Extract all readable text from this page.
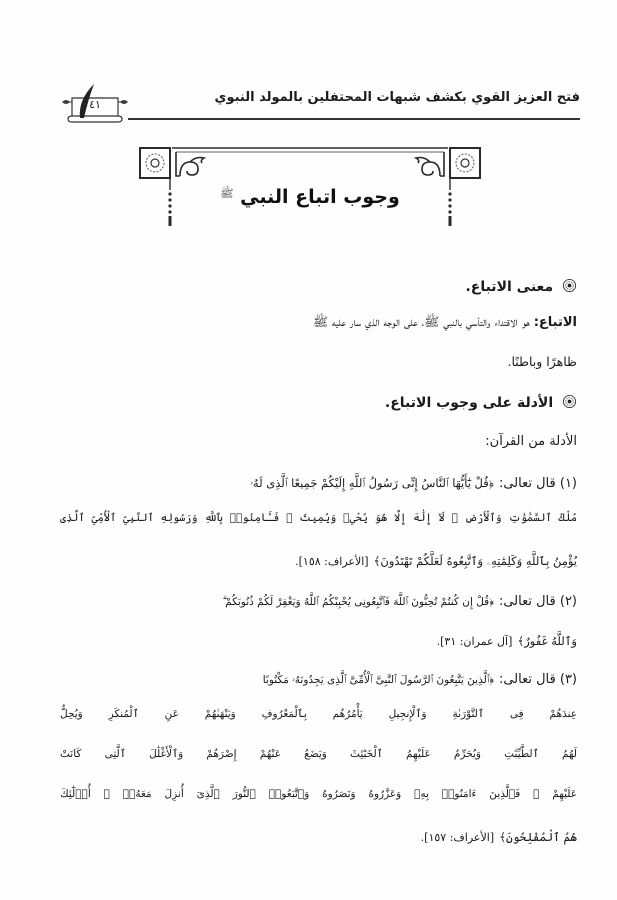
فتح العزيز القوي بكشف شبهات المحتفلين بالمولد النبوي
٤١
وجوب اتباع النبي $^ﷺ$
معنى الاتباع.
الاتباع: هو الاقتداء والتأسي بالنبي ﷺ، على الوجه الذي سار عليه ﷺ
ظاهرًا وباطنًا.
الأدلة على وجوب الاتباع.
الأدلة من القرآن:
(١) قال تعالى: ﴿قُلْ يَٰٓأَيُّهَا ٱلنَّاسُ إِنِّى رَسُولُ ٱللَّهِ إِلَيْكُمْ جَمِيعًا ٱلَّذِى لَهُۥ
مُلْكُ ٱلسَّمَٰوَٰتِ وَٱلْأَرْضِ ۖ لَآ إِلَٰهَ إِلَّا هُوَ يُحْىِۦ وَيُمِيتُ ۖ فَـَٔامِنُوا۟ بِٱللَّهِ وَرَسُولِهِ ٱلنَّبِىِّ ٱلْأُمِّىِّ ٱلَّذِى
يُؤْمِنُ بِٱللَّهِ وَكَلِمَٰتِهِۦ وَٱتَّبِعُوهُ لَعَلَّكُمْ تَهْتَدُونَ﴾ [الأعراف: ١٥٨].
(٢) قال تعالى: ﴿قُلْ إِن كُنتُمْ تُحِبُّونَ ٱللَّهَ فَٱتَّبِعُونِى يُحْبِبْكُمُ ٱللَّهُ وَيَغْفِرْ لَكُمْ ذُنُوبَكُمْ ۗ
وَٱللَّهُ غَفُورٌ﴾ [آل عمران: ٣١].
(٣) قال تعالى: ﴿ٱلَّذِينَ يَتَّبِعُونَ ٱلرَّسُولَ ٱلنَّبِىَّ ٱلْأُمِّىَّ ٱلَّذِى يَجِدُونَهُۥ مَكْتُوبًا
عِندَهُمْ فِى ٱلتَّوْرَىٰةِ وَٱلْإِنجِيلِ يَأْمُرُهُم بِٱلْمَعْرُوفِ وَيَنْهَىٰهُمْ عَنِ ٱلْمُنكَرِ وَيُحِلُّ
لَهُمُ ٱلطَّيِّبَٰتِ وَيُحَرِّمُ عَلَيْهِمُ ٱلْخَبَٰٓئِثَ وَيَضَعُ عَنْهُمْ إِصْرَهُمْ وَٱلْأَغْلَٰلَ ٱلَّتِى كَانَتْ
عَلَيْهِمْ ۚ فَٱلَّذِينَ ءَامَنُوا۟ بِهِۦ وَعَزَّرُوهُ وَنَصَرُوهُ وَٱتَّبَعُوا۟ ٱلنُّورَ ٱلَّذِىٓ أُنزِلَ مَعَهُۥٓ ۙ أُو۟لَٰٓئِكَ
هُمُ ٱلْمُفْلِحُونَ﴾ [الأعراف: ١٥٧].
